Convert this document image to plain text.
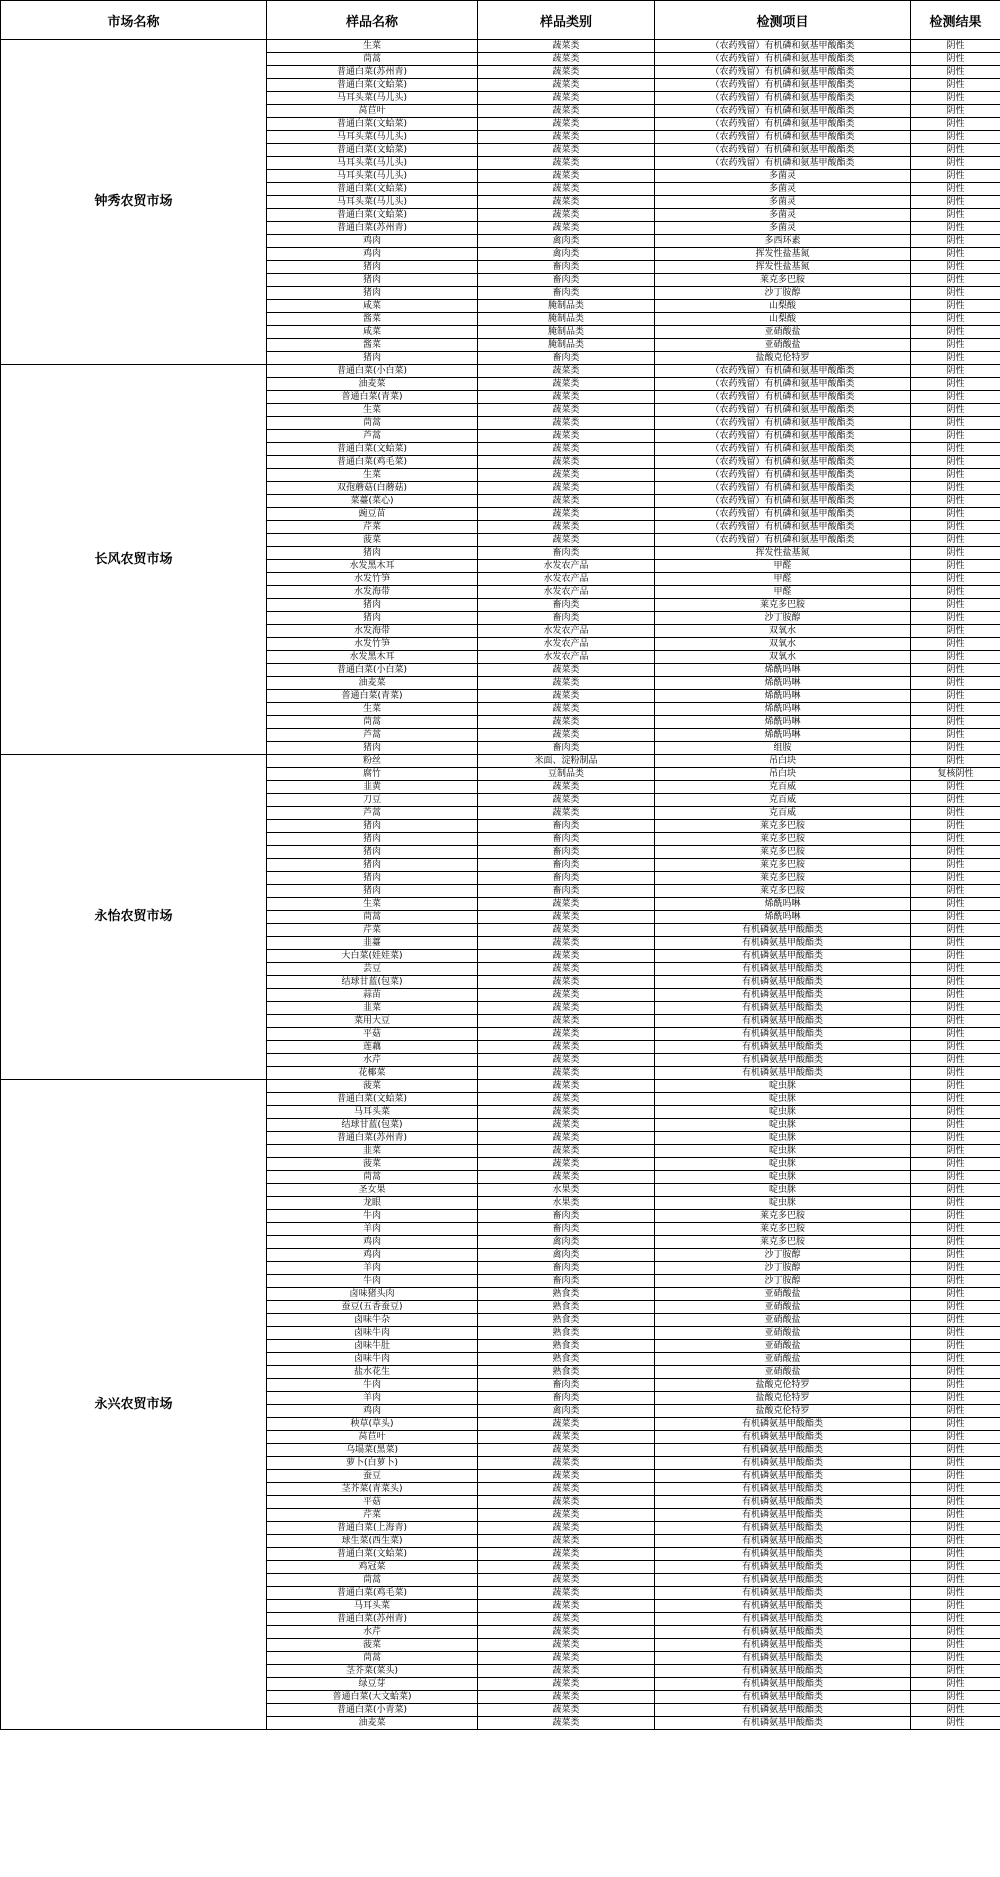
市场名称	样品名称	样品类别	检测项目	检测结果
钟秀农贸市场	生菜	蔬菜类	（农药残留）有机磷和氨基甲酸酯类	阴性
	茼蒿	蔬菜类	（农药残留）有机磷和氨基甲酸酯类	阴性
	普通白菜(苏州青)	蔬菜类	（农药残留）有机磷和氨基甲酸酯类	阴性
	普通白菜(文蛤菜)	蔬菜类	（农药残留）有机磷和氨基甲酸酯类	阴性
	马耳头菜(马儿头)	蔬菜类	（农药残留）有机磷和氨基甲酸酯类	阴性
	莴苣叶	蔬菜类	（农药残留）有机磷和氨基甲酸酯类	阴性
	普通白菜(文蛤菜)	蔬菜类	（农药残留）有机磷和氨基甲酸酯类	阴性
	马耳头菜(马儿头)	蔬菜类	（农药残留）有机磷和氨基甲酸酯类	阴性
	普通白菜(文蛤菜)	蔬菜类	（农药残留）有机磷和氨基甲酸酯类	阴性
	马耳头菜(马儿头)	蔬菜类	（农药残留）有机磷和氨基甲酸酯类	阴性
	马耳头菜(马儿头)	蔬菜类	多菌灵	阴性
	普通白菜(文蛤菜)	蔬菜类	多菌灵	阴性
	马耳头菜(马儿头)	蔬菜类	多菌灵	阴性
	普通白菜(文蛤菜)	蔬菜类	多菌灵	阴性
	普通白菜(苏州青)	蔬菜类	多菌灵	阴性
	鸡肉	禽肉类	多西环素	阴性
	鸡肉	禽肉类	挥发性盐基氮	阴性
	猪肉	畜肉类	挥发性盐基氮	阴性
	猪肉	畜肉类	莱克多巴胺	阴性
	猪肉	畜肉类	沙丁胺醇	阴性
	咸菜	腌制品类	山梨酸	阴性
	酱菜	腌制品类	山梨酸	阴性
	咸菜	腌制品类	亚硝酸盐	阴性
	酱菜	腌制品类	亚硝酸盐	阴性
	猪肉	畜肉类	盐酸克伦特罗	阴性
长风农贸市场	普通白菜(小白菜)	蔬菜类	（农药残留）有机磷和氨基甲酸酯类	阴性
	油麦菜	蔬菜类	（农药残留）有机磷和氨基甲酸酯类	阴性
	普通白菜(青菜)	蔬菜类	（农药残留）有机磷和氨基甲酸酯类	阴性
	生菜	蔬菜类	（农药残留）有机磷和氨基甲酸酯类	阴性
	茼蒿	蔬菜类	（农药残留）有机磷和氨基甲酸酯类	阴性
	芦蒿	蔬菜类	（农药残留）有机磷和氨基甲酸酯类	阴性
	普通白菜(文蛤菜)	蔬菜类	（农药残留）有机磷和氨基甲酸酯类	阴性
	普通白菜(鸡毛菜)	蔬菜类	（农药残留）有机磷和氨基甲酸酯类	阴性
	生菜	蔬菜类	（农药残留）有机磷和氨基甲酸酯类	阴性
	双孢蘑菇(白蘑菇)	蔬菜类	（农药残留）有机磷和氨基甲酸酯类	阴性
	菜薹(菜心)	蔬菜类	（农药残留）有机磷和氨基甲酸酯类	阴性
	豌豆苗	蔬菜类	（农药残留）有机磷和氨基甲酸酯类	阴性
	芹菜	蔬菜类	（农药残留）有机磷和氨基甲酸酯类	阴性
	菠菜	蔬菜类	（农药残留）有机磷和氨基甲酸酯类	阴性
	猪肉	畜肉类	挥发性盐基氮	阴性
	水发黑木耳	水发农产品	甲醛	阴性
	水发竹笋	水发农产品	甲醛	阴性
	水发海带	水发农产品	甲醛	阴性
	猪肉	畜肉类	莱克多巴胺	阴性
	猪肉	畜肉类	沙丁胺醇	阴性
	水发海带	水发农产品	双氧水	阴性
	水发竹笋	水发农产品	双氧水	阴性
	水发黑木耳	水发农产品	双氧水	阴性
	普通白菜(小白菜)	蔬菜类	烯酰吗啉	阴性
	油麦菜	蔬菜类	烯酰吗啉	阴性
	普通白菜(青菜)	蔬菜类	烯酰吗啉	阴性
	生菜	蔬菜类	烯酰吗啉	阴性
	茼蒿	蔬菜类	烯酰吗啉	阴性
	芦蒿	蔬菜类	烯酰吗啉	阴性
	猪肉	畜肉类	组胺	阴性
永怡农贸市场	粉丝	米面、淀粉制品	吊白块	阴性
	腐竹	豆制品类	吊白块	复核阴性
	韭黄	蔬菜类	克百威	阴性
	刀豆	蔬菜类	克百威	阴性
	芦蒿	蔬菜类	克百威	阴性
	猪肉	畜肉类	莱克多巴胺	阴性
	猪肉	畜肉类	莱克多巴胺	阴性
	猪肉	畜肉类	莱克多巴胺	阴性
	猪肉	畜肉类	莱克多巴胺	阴性
	猪肉	畜肉类	莱克多巴胺	阴性
	猪肉	畜肉类	莱克多巴胺	阴性
	生菜	蔬菜类	烯酰吗啉	阴性
	茼蒿	蔬菜类	烯酰吗啉	阴性
	芹菜	蔬菜类	有机磷氨基甲酸酯类	阴性
	韭薹	蔬菜类	有机磷氨基甲酸酯类	阴性
	大白菜(娃娃菜)	蔬菜类	有机磷氨基甲酸酯类	阴性
	芸豆	蔬菜类	有机磷氨基甲酸酯类	阴性
	结球甘蓝(包菜)	蔬菜类	有机磷氨基甲酸酯类	阴性
	蒜苗	蔬菜类	有机磷氨基甲酸酯类	阴性
	韭菜	蔬菜类	有机磷氨基甲酸酯类	阴性
	菜用大豆	蔬菜类	有机磷氨基甲酸酯类	阴性
	平菇	蔬菜类	有机磷氨基甲酸酯类	阴性
	莲藕	蔬菜类	有机磷氨基甲酸酯类	阴性
	水芹	蔬菜类	有机磷氨基甲酸酯类	阴性
	花椰菜	蔬菜类	有机磷氨基甲酸酯类	阴性
永兴农贸市场	菠菜	蔬菜类	啶虫脒	阴性
	普通白菜(文蛤菜)	蔬菜类	啶虫脒	阴性
	马耳头菜	蔬菜类	啶虫脒	阴性
	结球甘蓝(包菜)	蔬菜类	啶虫脒	阴性
	普通白菜(苏州青)	蔬菜类	啶虫脒	阴性
	韭菜	蔬菜类	啶虫脒	阴性
	菠菜	蔬菜类	啶虫脒	阴性
	茼蒿	蔬菜类	啶虫脒	阴性
	圣女果	水果类	啶虫脒	阴性
	龙眼	水果类	啶虫脒	阴性
	牛肉	畜肉类	莱克多巴胺	阴性
	羊肉	畜肉类	莱克多巴胺	阴性
	鸡肉	禽肉类	莱克多巴胺	阴性
	鸡肉	禽肉类	沙丁胺醇	阴性
	羊肉	畜肉类	沙丁胺醇	阴性
	牛肉	畜肉类	沙丁胺醇	阴性
	卤味猪头肉	熟食类	亚硝酸盐	阴性
	蚕豆(五香蚕豆)	熟食类	亚硝酸盐	阴性
	卤味牛杂	熟食类	亚硝酸盐	阴性
	卤味牛肉	熟食类	亚硝酸盐	阴性
	卤味牛肚	熟食类	亚硝酸盐	阴性
	卤味牛肉	熟食类	亚硝酸盐	阴性
	盐水花生	熟食类	亚硝酸盐	阴性
	牛肉	畜肉类	盐酸克伦特罗	阴性
	羊肉	畜肉类	盐酸克伦特罗	阴性
	鸡肉	禽肉类	盐酸克伦特罗	阴性
	秧草(草头)	蔬菜类	有机磷氨基甲酸酯类	阴性
	莴苣叶	蔬菜类	有机磷氨基甲酸酯类	阴性
	乌塌菜(黑菜)	蔬菜类	有机磷氨基甲酸酯类	阴性
	萝卜(白萝卜)	蔬菜类	有机磷氨基甲酸酯类	阴性
	蚕豆	蔬菜类	有机磷氨基甲酸酯类	阴性
	茎芥菜(青菜头)	蔬菜类	有机磷氨基甲酸酯类	阴性
	平菇	蔬菜类	有机磷氨基甲酸酯类	阴性
	芹菜	蔬菜类	有机磷氨基甲酸酯类	阴性
	普通白菜(上海青)	蔬菜类	有机磷氨基甲酸酯类	阴性
	球生菜(西生菜)	蔬菜类	有机磷氨基甲酸酯类	阴性
	普通白菜(文蛤菜)	蔬菜类	有机磷氨基甲酸酯类	阴性
	鸡冠菜	蔬菜类	有机磷氨基甲酸酯类	阴性
	茼蒿	蔬菜类	有机磷氨基甲酸酯类	阴性
	普通白菜(鸡毛菜)	蔬菜类	有机磷氨基甲酸酯类	阴性
	马耳头菜	蔬菜类	有机磷氨基甲酸酯类	阴性
	普通白菜(苏州青)	蔬菜类	有机磷氨基甲酸酯类	阴性
	水芹	蔬菜类	有机磷氨基甲酸酯类	阴性
	菠菜	蔬菜类	有机磷氨基甲酸酯类	阴性
	茼蒿	蔬菜类	有机磷氨基甲酸酯类	阴性
	茎芥菜(菜头)	蔬菜类	有机磷氨基甲酸酯类	阴性
	绿豆芽	蔬菜类	有机磷氨基甲酸酯类	阴性
	普通白菜(大文蛤菜)	蔬菜类	有机磷氨基甲酸酯类	阴性
	普通白菜(小青菜)	蔬菜类	有机磷氨基甲酸酯类	阴性
	油麦菜	蔬菜类	有机磷氨基甲酸酯类	阴性
